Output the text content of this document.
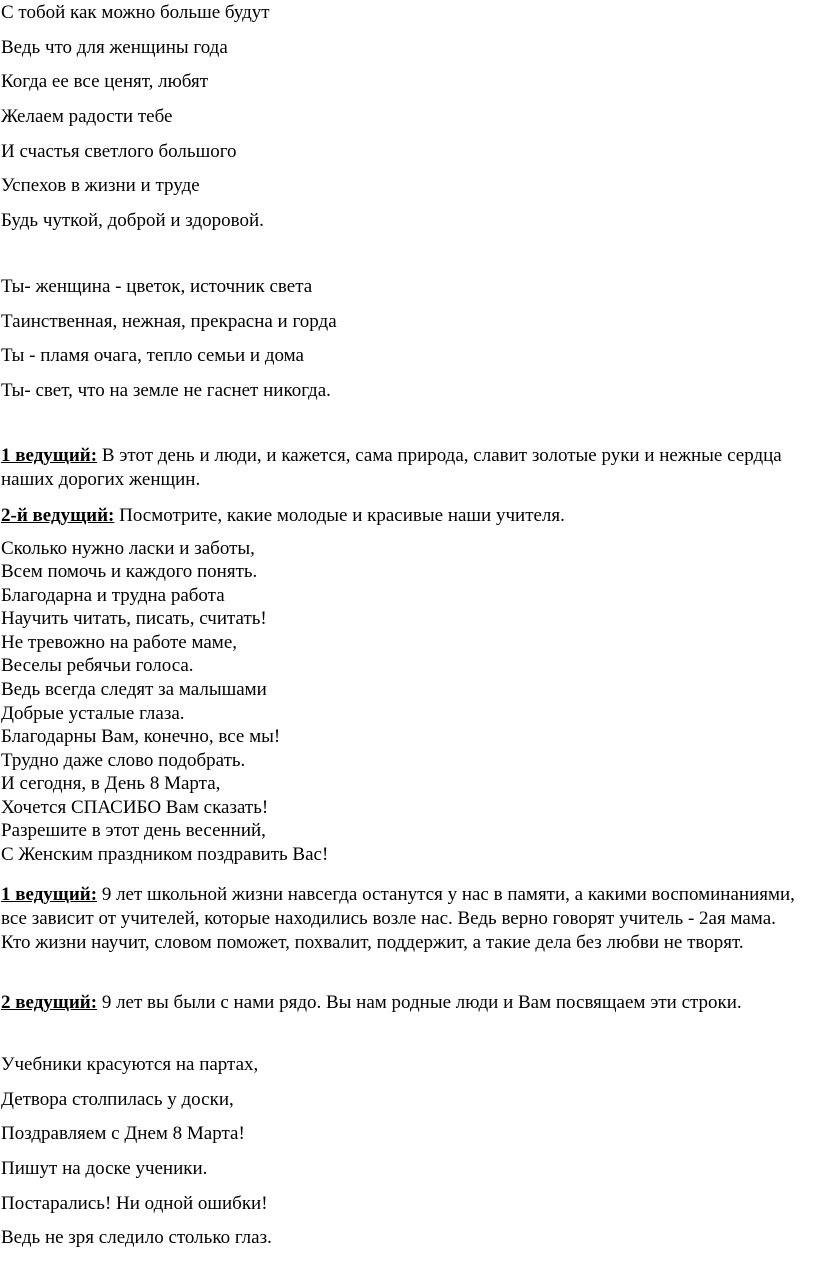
С тобой как можно больше будут
Ведь что для женщины года
Когда ее все ценят, любят
Желаем радости тебе
И счастья светлого большого
Успехов в жизни и труде
Будь чуткой, доброй и здоровой.
Ты- женщина - цветок, источник света
Таинственная, нежная, прекрасна и горда
Ты - пламя очага, тепло семьи и дома
Ты- свет, что на земле не гаснет никогда.
1 ведущий: В этот день и люди, и кажется, сама природа, славит золотые руки и нежные сердца наших дорогих женщин.
2-й ведущий: Посмотрите, какие молодые и красивые наши учителя.
Сколько нужно ласки и заботы,
Всем помочь и каждого понять.
Благодарна и трудна работа
Научить читать, писать, считать!
Не тревожно на работе маме,
Веселы ребячьи голоса.
Ведь всегда следят за малышами
Добрые усталые глаза.
Благодарны Вам, конечно, все мы!
Трудно даже слово подобрать.
И сегодня, в День 8 Марта,
Хочется СПАСИБО Вам сказать!
Разрешите в этот день весенний,
С Женским праздником поздравить Вас!
1 ведущий: 9 лет школьной жизни навсегда останутся у нас в памяти, а какими воспоминаниями, все зависит от учителей, которые находились возле нас. Ведь верно говорят учитель - 2ая мама. Кто жизни научит, словом поможет, похвалит, поддержит, а такие дела без любви не творят.
2 ведущий: 9 лет вы были с нами рядо. Вы нам родные люди и Вам посвящаем эти строки.
Учебники красуются на партах,
Детвора столпилась у доски,
Поздравляем с Днем 8 Марта!
Пишут на доске ученики.
Постарались! Ни одной ошибки!
Ведь не зря следило столько глаз.
